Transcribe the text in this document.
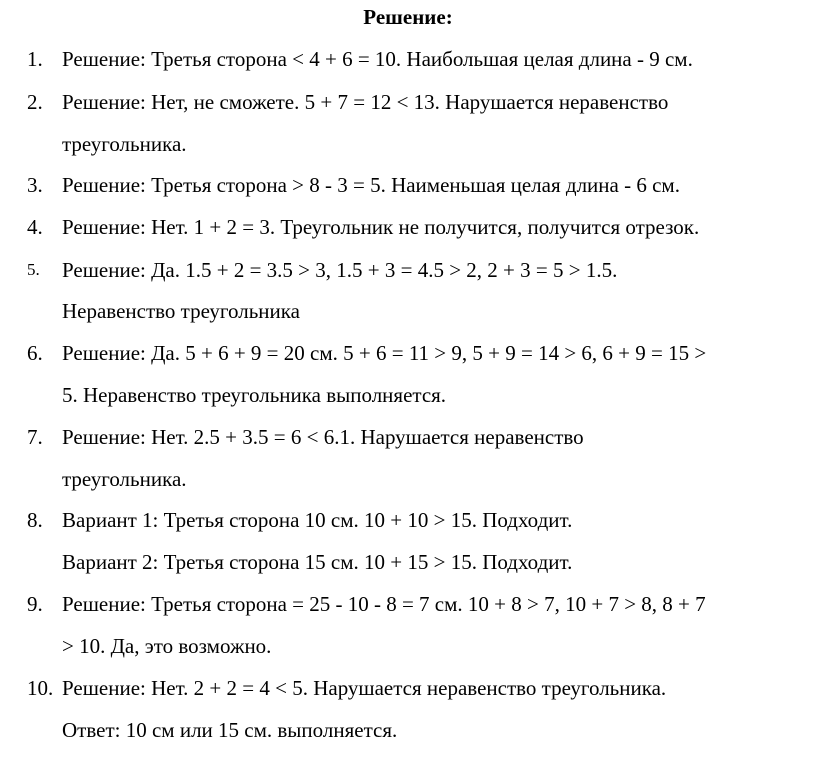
Решение:
1. Решение: Третья сторона < 4 + 6 = 10. Наибольшая целая длина - 9 см.
2. Решение: Нет, не сможете. 5 + 7 = 12 < 13. Нарушается неравенство
треугольника.
3. Решение: Третья сторона > 8 - 3 = 5. Наименьшая целая длина - 6 см.
4. Решение: Нет. 1 + 2 = 3. Треугольник не получится, получится отрезок.
5. Решение: Да. 1.5 + 2 = 3.5 > 3, 1.5 + 3 = 4.5 > 2, 2 + 3 = 5 > 1.5.
Неравенство треугольника
6. Решение: Да. 5 + 6 + 9 = 20 см. 5 + 6 = 11 > 9, 5 + 9 = 14 > 6, 6 + 9 = 15 >
5. Неравенство треугольника выполняется.
7. Решение: Нет. 2.5 + 3.5 = 6 < 6.1. Нарушается неравенство
треугольника.
8. Вариант 1: Третья сторона 10 см. 10 + 10 > 15. Подходит.
Вариант 2: Третья сторона 15 см. 10 + 15 > 15. Подходит.
9. Решение: Третья сторона = 25 - 10 - 8 = 7 см. 10 + 8 > 7, 10 + 7 > 8, 8 + 7
> 10. Да, это возможно.
10. Решение: Нет. 2 + 2 = 4 < 5. Нарушается неравенство треугольника.
Ответ: 10 см или 15 см. выполняется.
